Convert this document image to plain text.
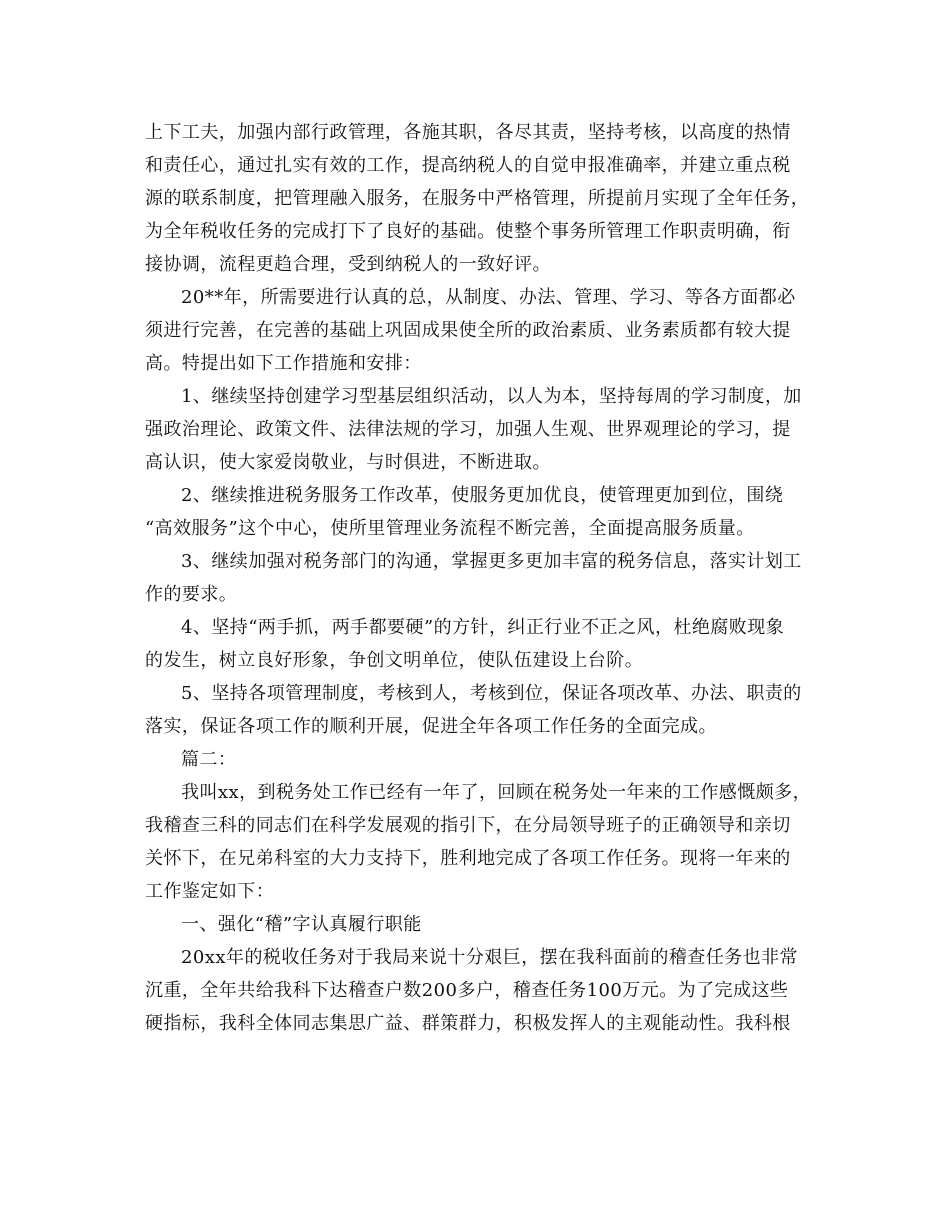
上下工夫，加强内部行政管理，各施其职，各尽其责，坚持考核，以高度的热情
和责任心，通过扎实有效的工作，提高纳税人的自觉申报准确率，并建立重点税
源的联系制度，把管理融入服务，在服务中严格管理，所提前月实现了全年任务，
为全年税收任务的完成打下了良好的基础。使整个事务所管理工作职责明确，衔
接协调，流程更趋合理，受到纳税人的一致好评。
20**年，所需要进行认真的总，从制度、办法、管理、学习、等各方面都必
须进行完善，在完善的基础上巩固成果使全所的政治素质、业务素质都有较大提
高。特提出如下工作措施和安排：
1、继续坚持创建学习型基层组织活动，以人为本，坚持每周的学习制度，加
强政治理论、政策文件、法律法规的学习，加强人生观、世界观理论的学习，提
高认识，使大家爱岗敬业，与时俱进，不断进取。
2、继续推进税务服务工作改革，使服务更加优良，使管理更加到位，围绕
“高效服务”这个中心，使所里管理业务流程不断完善，全面提高服务质量。
3、继续加强对税务部门的沟通，掌握更多更加丰富的税务信息，落实计划工
作的要求。
4、坚持“两手抓，两手都要硬”的方针，纠正行业不正之风，杜绝腐败现象
的发生，树立良好形象，争创文明单位，使队伍建设上台阶。
5、坚持各项管理制度，考核到人，考核到位，保证各项改革、办法、职责的
落实，保证各项工作的顺利开展，促进全年各项工作任务的全面完成。
篇二：
我叫xx，到税务处工作已经有一年了，回顾在税务处一年来的工作感慨颇多，
我稽查三科的同志们在科学发展观的指引下，在分局领导班子的正确领导和亲切
关怀下，在兄弟科室的大力支持下，胜利地完成了各项工作任务。现将一年来的
工作鉴定如下：
一、强化“稽”字认真履行职能
20xx年的税收任务对于我局来说十分艰巨，摆在我科面前的稽查任务也非常
沉重，全年共给我科下达稽查户数200多户，稽查任务100万元。为了完成这些
硬指标，我科全体同志集思广益、群策群力，积极发挥人的主观能动性。我科根
